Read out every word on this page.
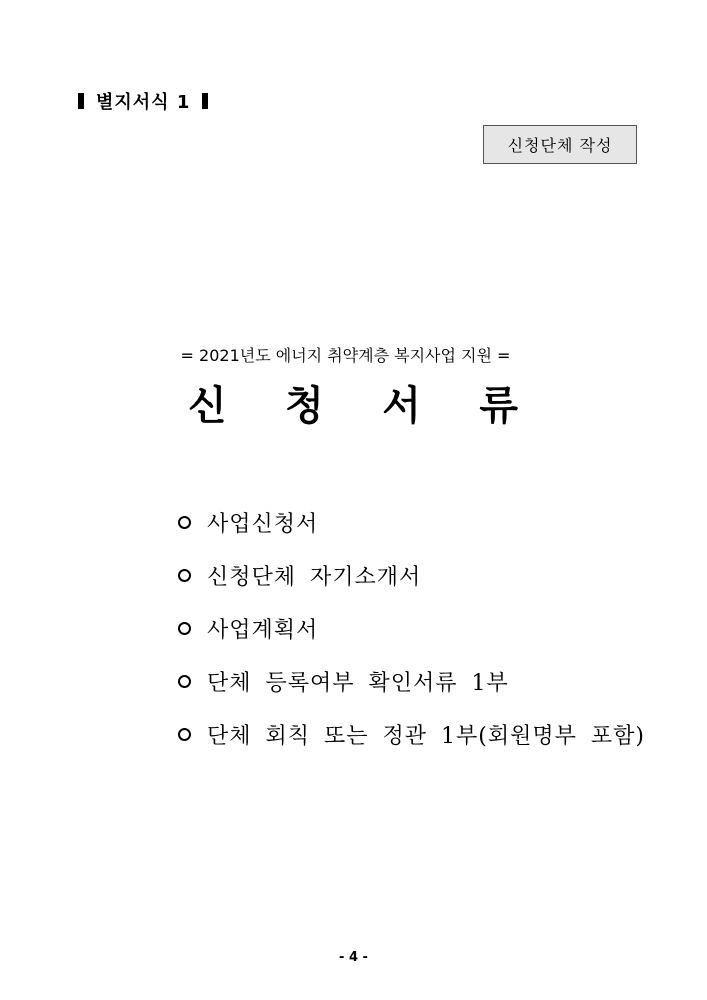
별지서식 1
신청단체 작성
= 2021년도 에너지 취약계층 복지사업 지원 =
신 청 서 류
사업신청서
신청단체 자기소개서
사업계획서
단체 등록여부 확인서류 1부
단체 회칙 또는 정관 1부(회원명부 포함)
- 4 -
